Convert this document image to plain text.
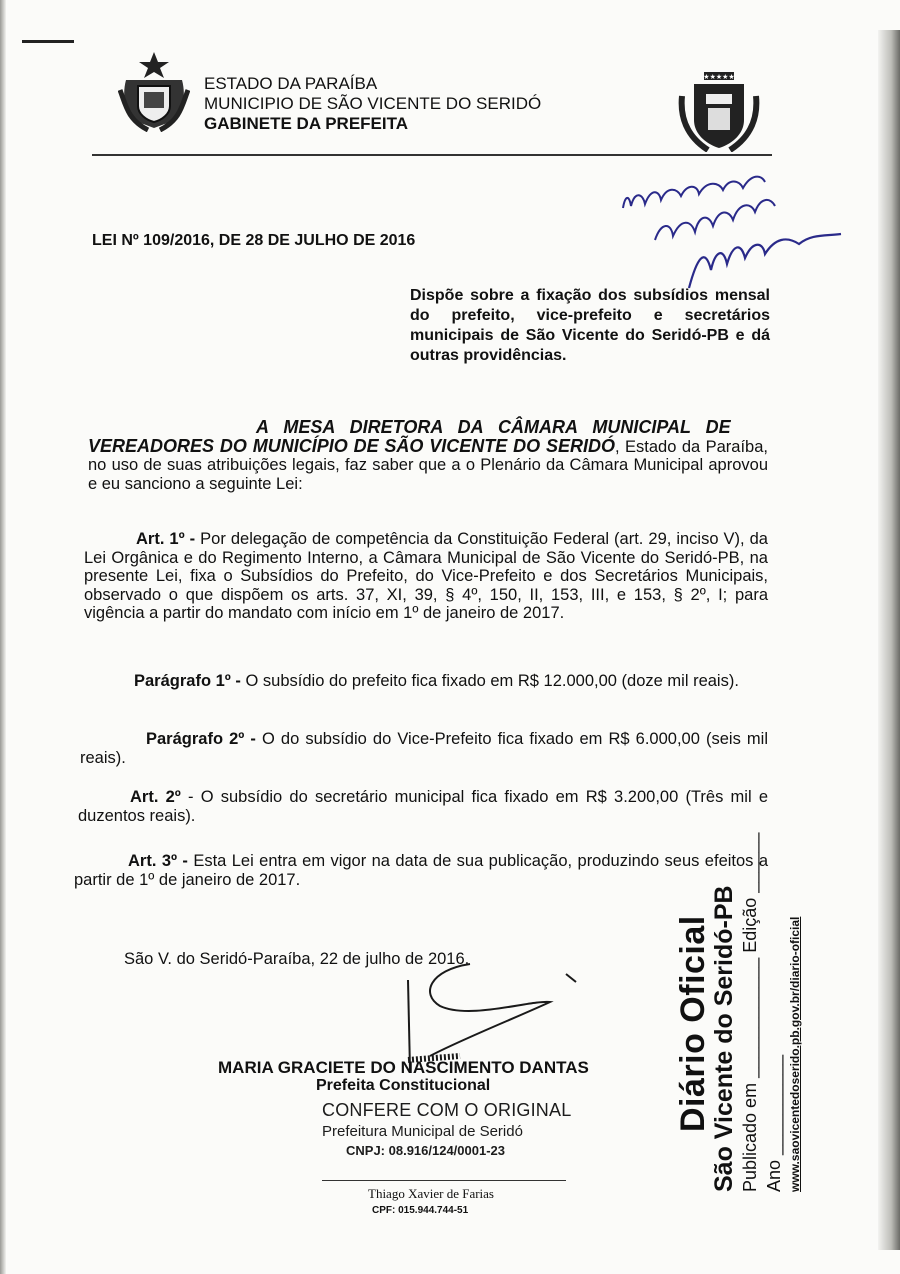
ESTADO DA PARAÍBA
MUNICIPIO DE SÃO VICENTE DO SERIDÓ
GABINETE DA PREFEITA
★★★★★
LEI Nº 109/2016, DE 28 DE JULHO DE 2016
Dispõe sobre a fixação dos subsídios mensal do prefeito, vice-prefeito e secretários municipais de São Vicente do Seridó-PB e dá outras providências.
A MESA DIRETORA DA CÂMARA MUNICIPAL DE
VEREADORES DO MUNICÍPIO DE SÃO VICENTE DO SERIDÓ, Estado da Paraíba, no uso de suas atribuições legais, faz saber que a o Plenário da Câmara Municipal aprovou e eu sanciono a seguinte Lei:
Art. 1º - Por delegação de competência da Constituição Federal (art. 29, inciso V), da Lei Orgânica e do Regimento Interno, a Câmara Municipal de São Vicente do Seridó-PB, na presente Lei, fixa o Subsídios do Prefeito, do Vice-Prefeito e dos Secretários Municipais, observado o que dispõem os arts. 37, XI, 39, § 4º, 150, II, 153, III, e 153, § 2º, I; para vigência a partir do mandato com início em 1º de janeiro de 2017.
Parágrafo 1º - O subsídio do prefeito fica fixado em R$ 12.000,00 (doze mil reais).
Parágrafo 2º - O do subsídio do Vice-Prefeito fica fixado em R$ 6.000,00 (seis mil reais).
Art. 2º - O subsídio do secretário municipal fica fixado em R$ 3.200,00 (Três mil e duzentos reais).
Art. 3º - Esta Lei entra em vigor na data de sua publicação, produzindo seus efeitos a partir de 1º de janeiro de 2017.
São V. do Seridó-Paraíba, 22 de julho de 2016.
MARIA GRACIETE DO NASCIMENTO DANTAS
Prefeita Constitucional
CONFERE COM O ORIGINAL
Prefeitura Municipal de Seridó
CNPJ: 08.916/124/0001-23
Thiago Xavier de Farias
CPF: 015.944.744-51
Diário Oficial
São Vicente do Seridó-PB Publicado em ____________ Edição ______
Ano __________ www.saovicentedoserido.pb.gov.br/diario-oficial
